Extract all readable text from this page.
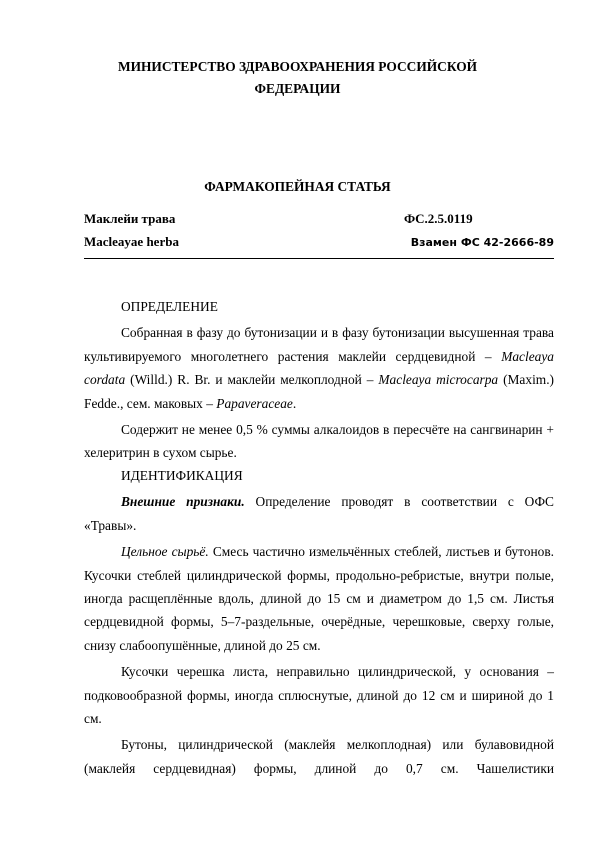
МИНИСТЕРСТВО ЗДРАВООХРАНЕНИЯ РОССИЙСКОЙ
ФЕДЕРАЦИИ
ФАРМАКОПЕЙНАЯ СТАТЬЯ
Маклейи трава	ФС.2.5.0119
Macleayae herba	Взамен ФС 42-2666-89

ОПРЕДЕЛЕНИЕ

Собранная в фазу до бутонизации и в фазу бутонизации высушенная трава культивируемого многолетнего растения маклейи сердцевидной – Macleaya cordata (Willd.) R. Br. и маклейи мелкоплодной – Macleaya microcarpa (Maxim.) Fedde., сем. маковых – Papaveraceae.

Содержит не менее 0,5 % суммы алкалоидов в пересчёте на сангвинарин + хелеритрин в сухом сырье.

ИДЕНТИФИКАЦИЯ

Внешние признаки. Определение проводят в соответствии с ОФС «Травы».

Цельное сырьё. Смесь частично измельчённых стеблей, листьев и бутонов. Кусочки стеблей цилиндрической формы, продольно-ребристые, внутри полые, иногда расщеплённые вдоль, длиной до 15 см и диаметром до 1,5 см. Листья сердцевидной формы, 5–7-раздельные, очерёдные, черешковые, сверху голые, снизу слабоопушённые, длиной до 25 см.

Кусочки черешка листа, неправильно цилиндрической, у основания – подковообразной формы, иногда сплюснутые, длиной до 12 см и шириной до 1 см.

Бутоны, цилиндрической (маклейя мелкоплодная) или булавовидной (маклейя сердцевидная) формы, длиной до 0,7 см. Чашелистики
